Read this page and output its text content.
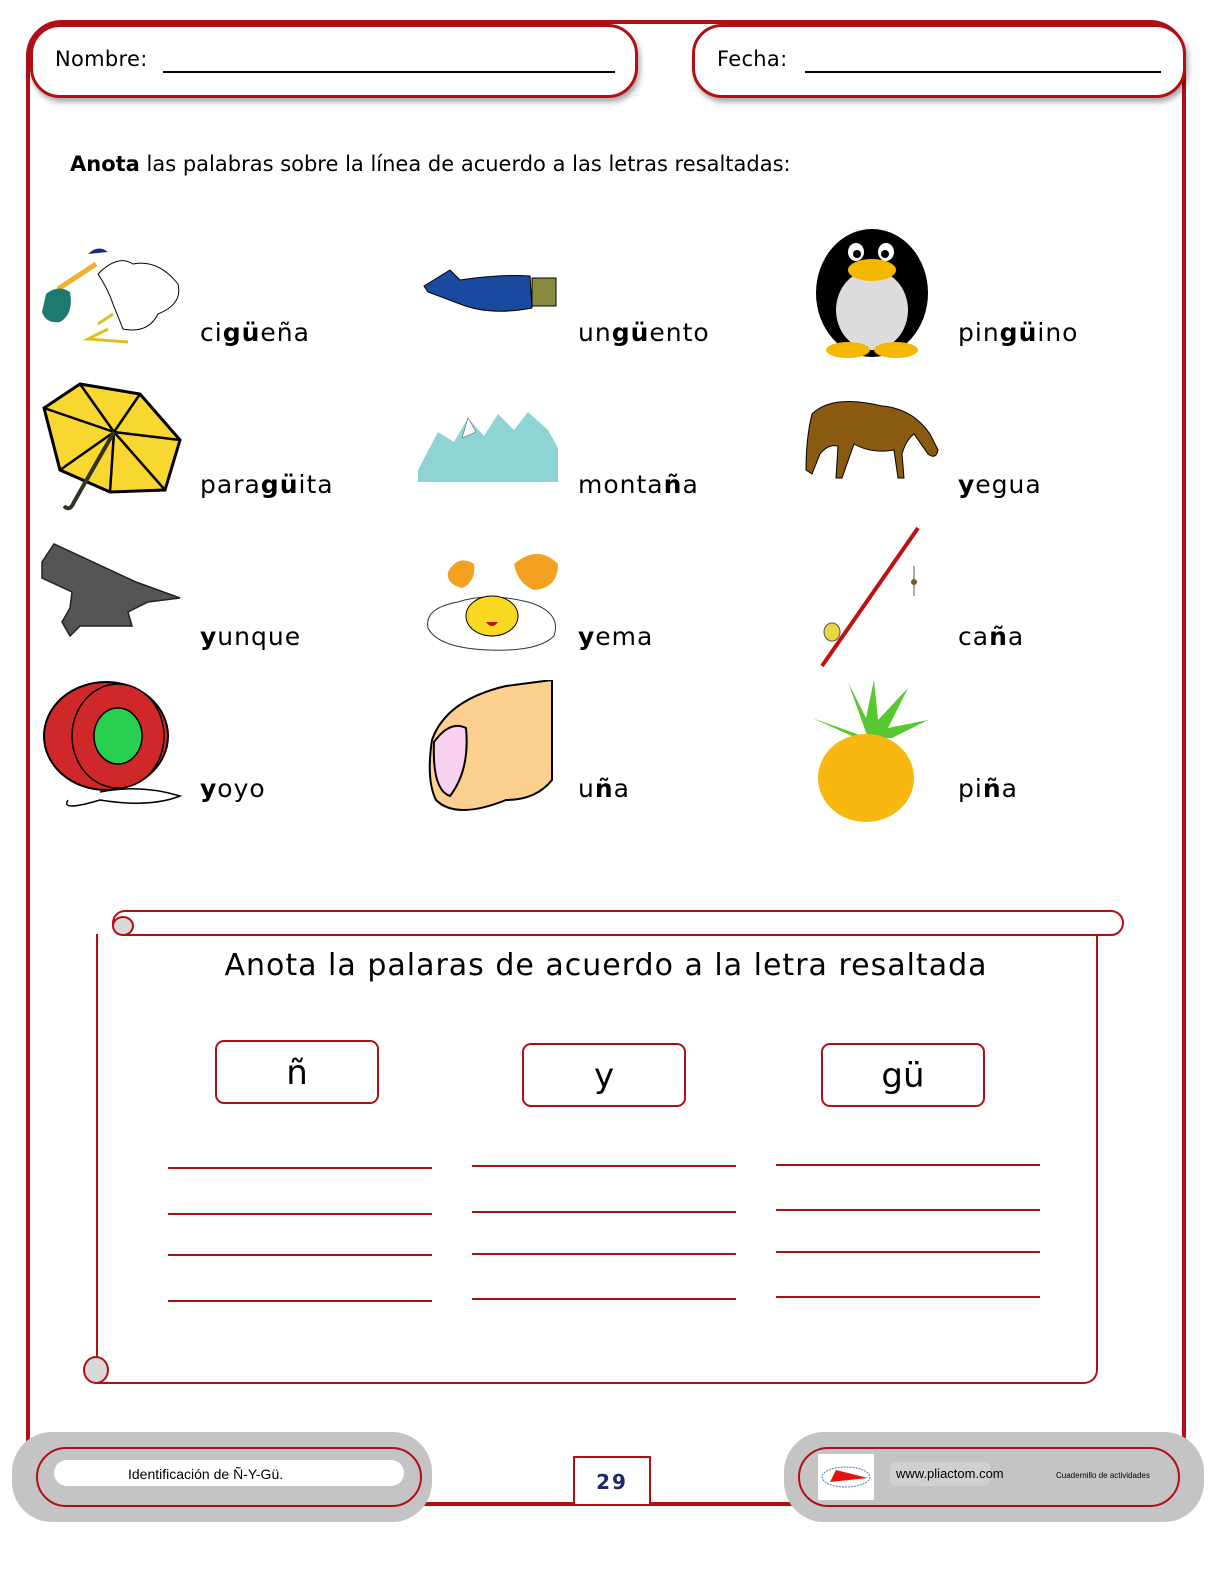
Nombre:	Fecha:
Anota las palabras sobre la línea de acuerdo a las letras resaltadas:
cigüeña	ungüento	pingüino
paragüita	montaña	yegua
yunque	yema	caña
yoyo	uña	piña
Anota la palaras de acuerdo a la letra resaltada
ñ	y	gü
Identificación de Ñ-Y-Gü.	29	www.pliactom.com	Cuadernillo de actividades
